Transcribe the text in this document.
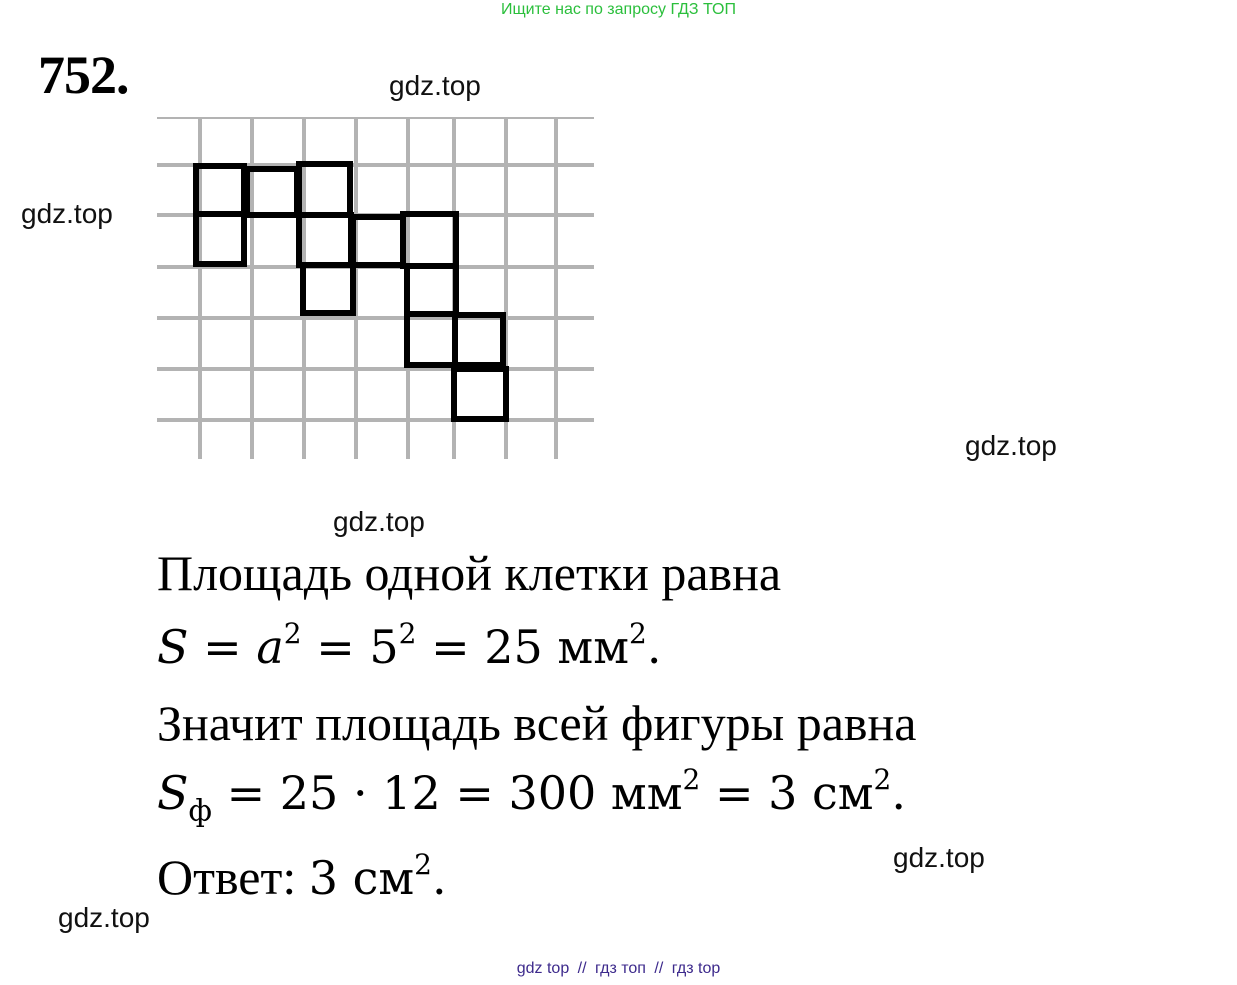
Ищите нас по запросу ГДЗ ТОП
752.	gdz.top
gdz.top
gdz.top
gdz.top
gdz.top
gdz.top
Площадь одной клетки равна
$S = a^2 = 5^2 = 25$ $мм^2$.
Значит площадь всей фигуры равна
$S_ф = 25 \cdot 12 = 300$ $мм^2 = 3$ $см^2$.
Ответ: 3 $см^2$.
gdz top // гдз топ // гдз top
